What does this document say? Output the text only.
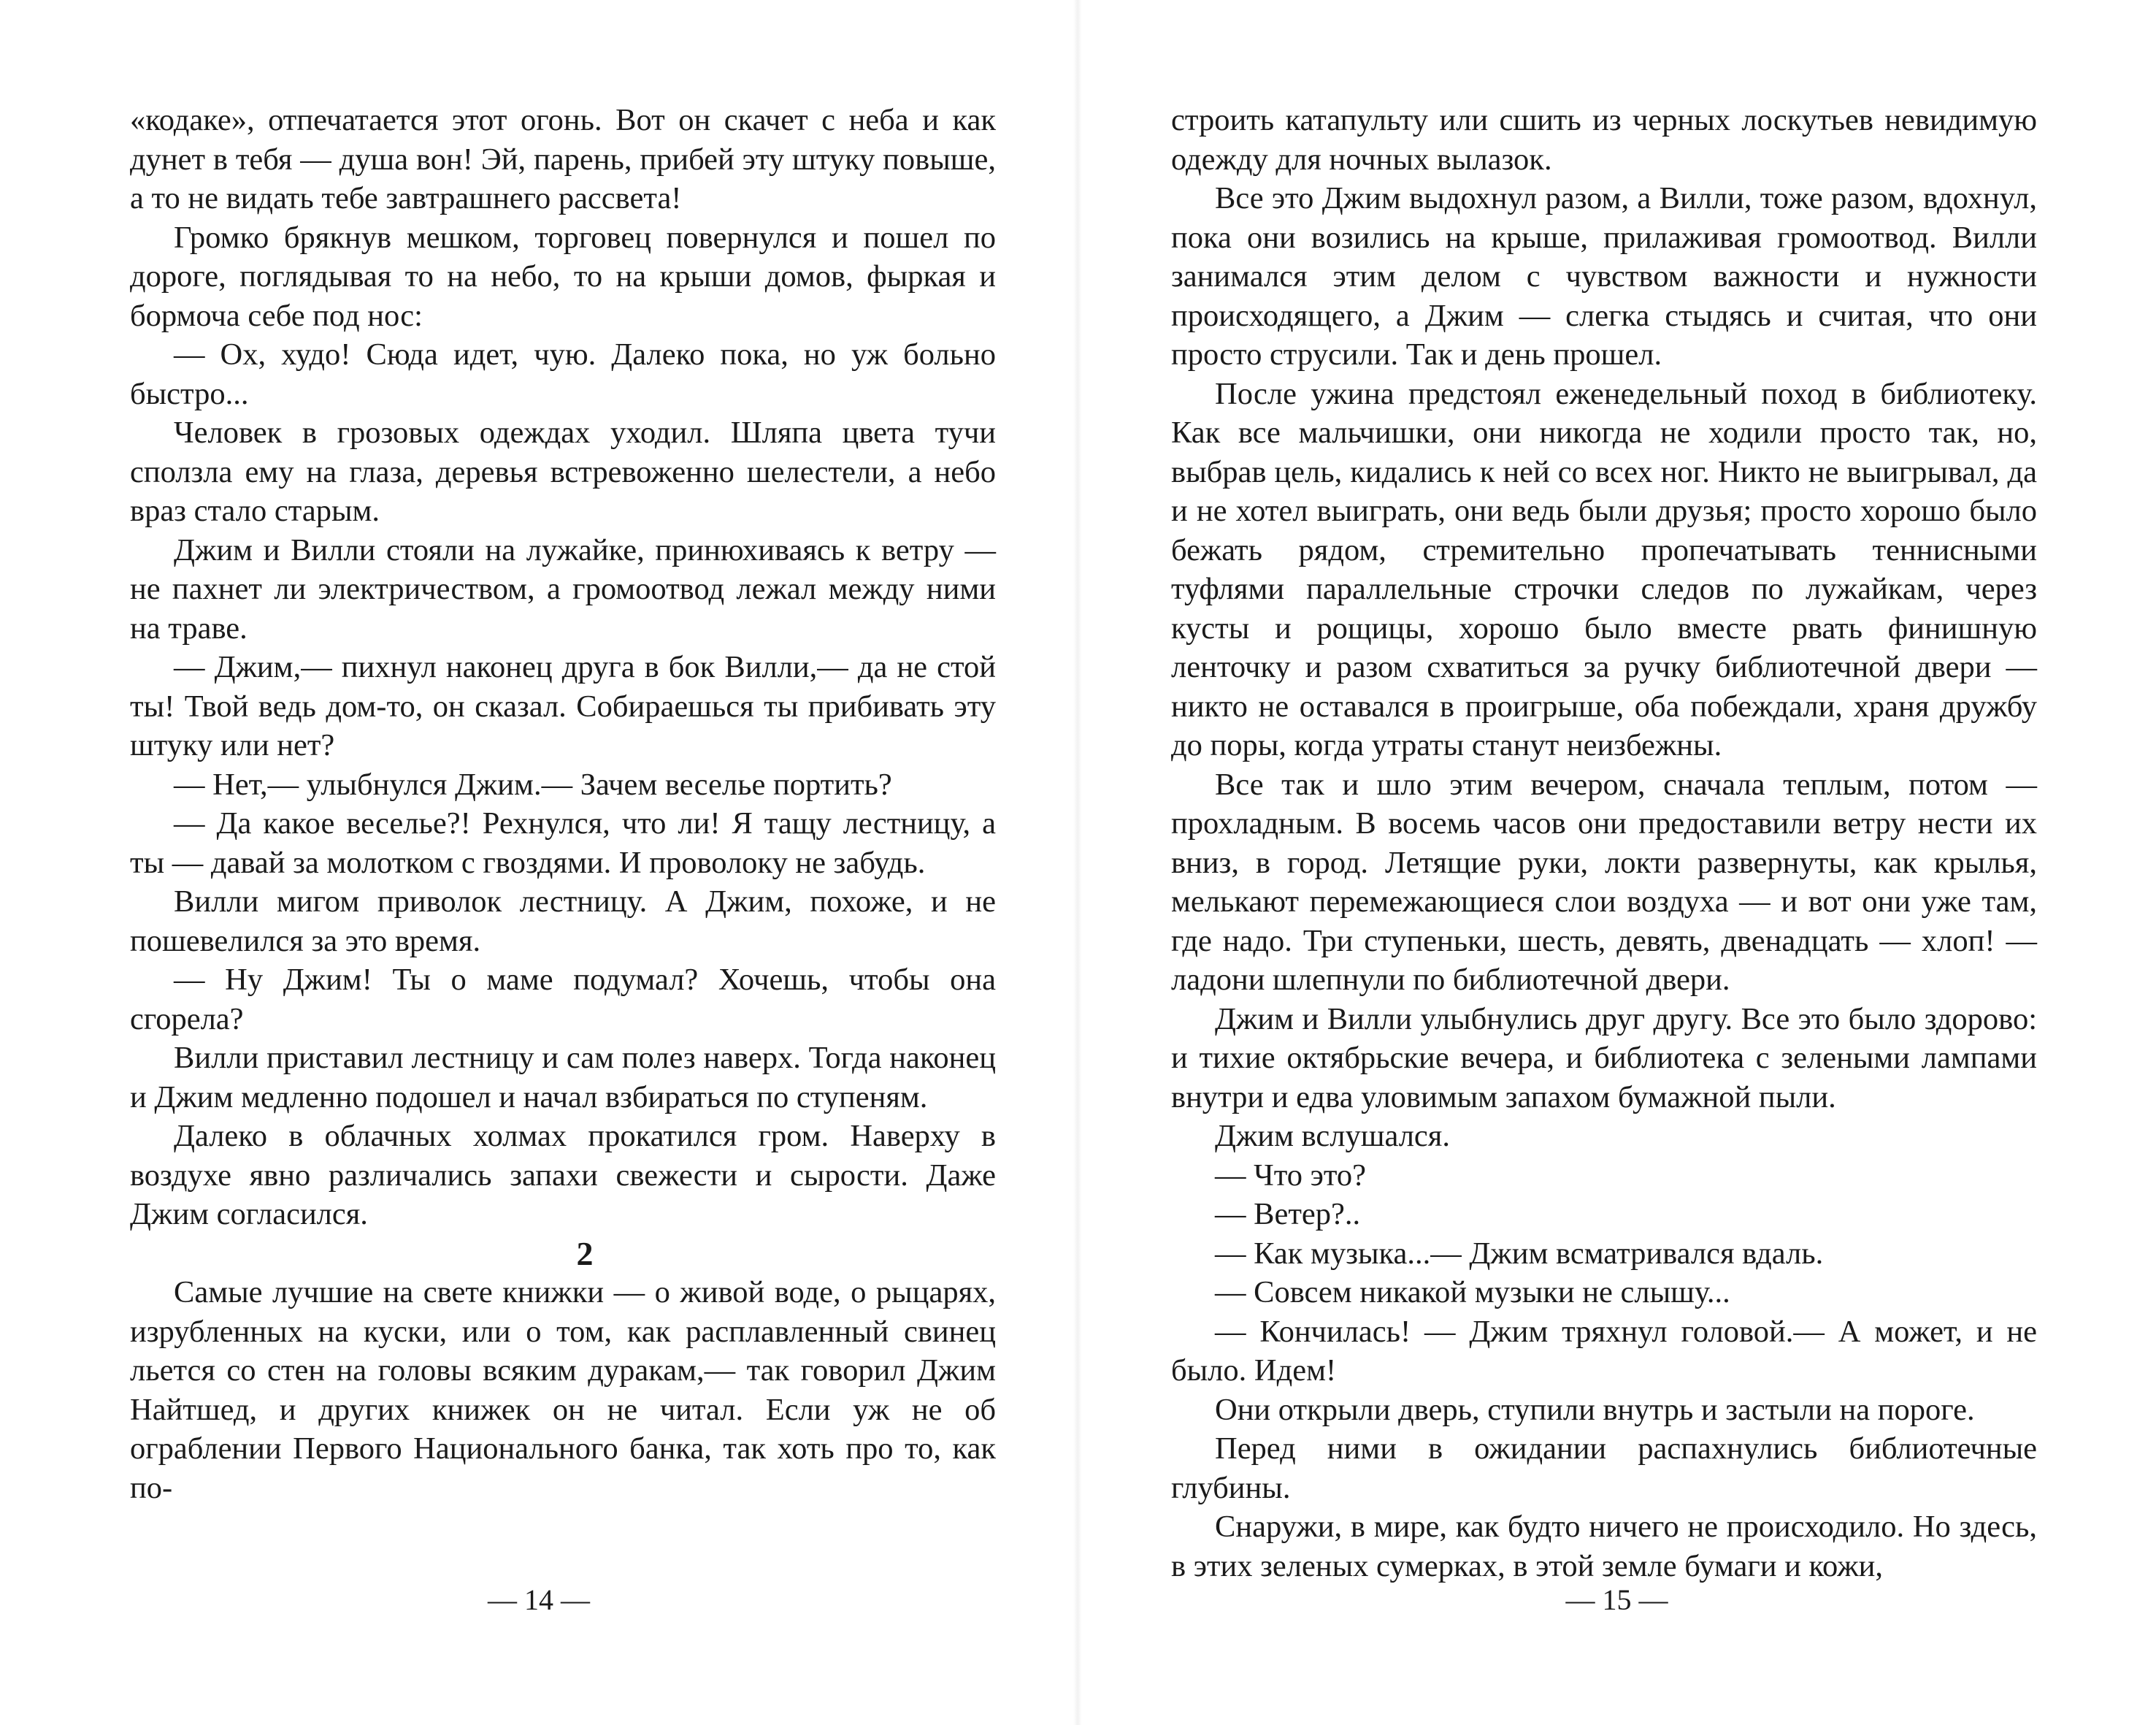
«кодаке», отпечатается этот огонь. Вот он скачет с неба и как дунет в тебя — душа вон! Эй, парень, прибей эту штуку повыше, а то не видать тебе завтрашнего рассвета!

Громко брякнув мешком, торговец повернулся и пошел по дороге, поглядывая то на небо, то на крыши домов, фыркая и бормоча себе под нос:

— Ох, худо! Сюда идет, чую. Далеко пока, но уж больно быстро...

Человек в грозовых одеждах уходил. Шляпа цвета тучи сползла ему на глаза, деревья встревоженно шелестели, а небо враз стало старым.

Джим и Вилли стояли на лужайке, принюхиваясь к ветру — не пахнет ли электричеством, а громоотвод лежал между ними на траве.

— Джим,— пихнул наконец друга в бок Вилли,— да не стой ты! Твой ведь дом-то, он сказал. Собираешься ты прибивать эту штуку или нет?

— Нет,— улыбнулся Джим.— Зачем веселье портить?

— Да какое веселье?! Рехнулся, что ли! Я тащу лестницу, а ты — давай за молотком с гвоздями. И проволоку не забудь.

Вилли мигом приволок лестницу. А Джим, похоже, и не пошевелился за это время.

— Ну Джим! Ты о маме подумал? Хочешь, чтобы она сгорела?

Вилли приставил лестницу и сам полез наверх. Тогда наконец и Джим медленно подошел и начал взбираться по ступеням.

Далеко в облачных холмах прокатился гром. Наверху в воздухе явно различались запахи свежести и сырости. Даже Джим согласился.

2

Самые лучшие на свете книжки — о живой воде, о рыцарях, изрубленных на куски, или о том, как расплавленный свинец льется со стен на головы всяким дуракам,— так говорил Джим Найтшед, и других книжек он не читал. Если уж не об ограблении Первого Национального банка, так хоть про то, как по-

— 14 —

строить катапульту или сшить из черных лоскутьев невидимую одежду для ночных вылазок.

Все это Джим выдохнул разом, а Вилли, тоже разом, вдохнул, пока они возились на крыше, прилаживая громоотвод. Вилли занимался этим делом с чувством важности и нужности происходящего, а Джим — слегка стыдясь и считая, что они просто струсили. Так и день прошел.

После ужина предстоял еженедельный поход в библиотеку. Как все мальчишки, они никогда не ходили просто так, но, выбрав цель, кидались к ней со всех ног. Никто не выигрывал, да и не хотел выиграть, они ведь были друзья; просто хорошо было бежать рядом, стремительно пропечатывать теннисными туфлями параллельные строчки следов по лужайкам, через кусты и рощицы, хорошо было вместе рвать финишную ленточку и разом схватиться за ручку библиотечной двери — никто не оставался в проигрыше, оба побеждали, храня дружбу до поры, когда утраты станут неизбежны.

Все так и шло этим вечером, сначала теплым, потом — прохладным. В восемь часов они предоставили ветру нести их вниз, в город. Летящие руки, локти развернуты, как крылья, мелькают перемежающиеся слои воздуха — и вот они уже там, где надо. Три ступеньки, шесть, девять, двенадцать — хлоп! — ладони шлепнули по библиотечной двери.

Джим и Вилли улыбнулись друг другу. Все это было здорово: и тихие октябрьские вечера, и библиотека с зелеными лампами внутри и едва уловимым запахом бумажной пыли.

Джим вслушался.

— Что это?

— Ветер?..

— Как музыка...— Джим всматривался вдаль.

— Совсем никакой музыки не слышу...

— Кончилась! — Джим тряхнул головой.— А может, и не было. Идем!

Они открыли дверь, ступили внутрь и застыли на пороге.

Перед ними в ожидании распахнулись библиотечные глубины.

Снаружи, в мире, как будто ничего не происходило. Но здесь, в этих зеленых сумерках, в этой земле бумаги и кожи,

— 15 —
